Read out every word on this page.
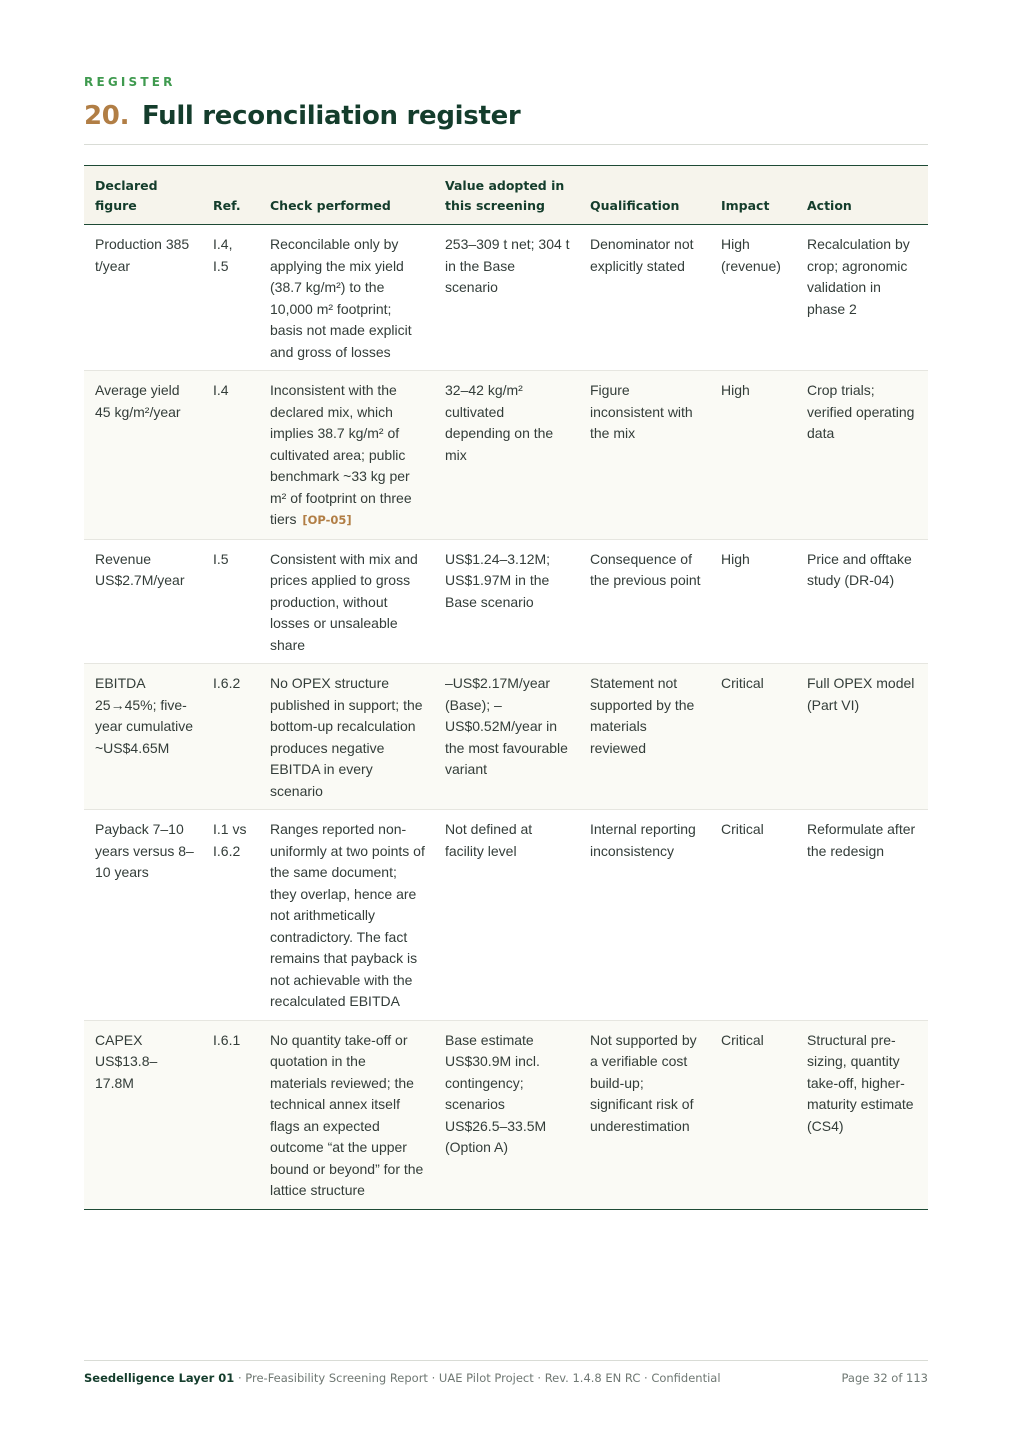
REGISTER
20. Full reconciliation register
Declared figure	Ref.	Check performed	Value adopted in this screening	Qualification	Impact	Action
Production 385 t/year	I.4, I.5	Reconcilable only by applying the mix yield (38.7 kg/m²) to the 10,000 m² footprint; basis not made explicit and gross of losses	253–309 t net; 304 t in the Base scenario	Denominator not explicitly stated	High (revenue)	Recalculation by crop; agronomic validation in phase 2
Average yield 45 kg/m²/year	I.4	Inconsistent with the declared mix, which implies 38.7 kg/m² of cultivated area; public benchmark ~33 kg per m² of footprint on three tiers [OP-05]	32–42 kg/m² cultivated depending on the mix	Figure inconsistent with the mix	High	Crop trials; verified operating data
Revenue US$2.7M/year	I.5	Consistent with mix and prices applied to gross production, without losses or unsaleable share	US$1.24–3.12M; US$1.97M in the Base scenario	Consequence of the previous point	High	Price and offtake study (DR-04)
EBITDA 25→45%; five-year cumulative ~US$4.65M	I.6.2	No OPEX structure published in support; the bottom-up recalculation produces negative EBITDA in every scenario	–US$2.17M/year (Base); –US$0.52M/year in the most favourable variant	Statement not supported by the materials reviewed	Critical	Full OPEX model (Part VI)
Payback 7–10 years versus 8–10 years	I.1 vs I.6.2	Ranges reported non-uniformly at two points of the same document; they overlap, hence are not arithmetically contradictory. The fact remains that payback is not achievable with the recalculated EBITDA	Not defined at facility level	Internal reporting inconsistency	Critical	Reformulate after the redesign
CAPEX US$13.8–17.8M	I.6.1	No quantity take-off or quotation in the materials reviewed; the technical annex itself flags an expected outcome “at the upper bound or beyond” for the lattice structure	Base estimate US$30.9M incl. contingency; scenarios US$26.5–33.5M (Option A)	Not supported by a verifiable cost build-up; significant risk of underestimation	Critical	Structural pre-sizing, quantity take-off, higher-maturity estimate (CS4)
Seedelligence Layer 01 · Pre-Feasibility Screening Report · UAE Pilot Project · Rev. 1.4.8 EN RC · Confidential	Page 32 of 113
